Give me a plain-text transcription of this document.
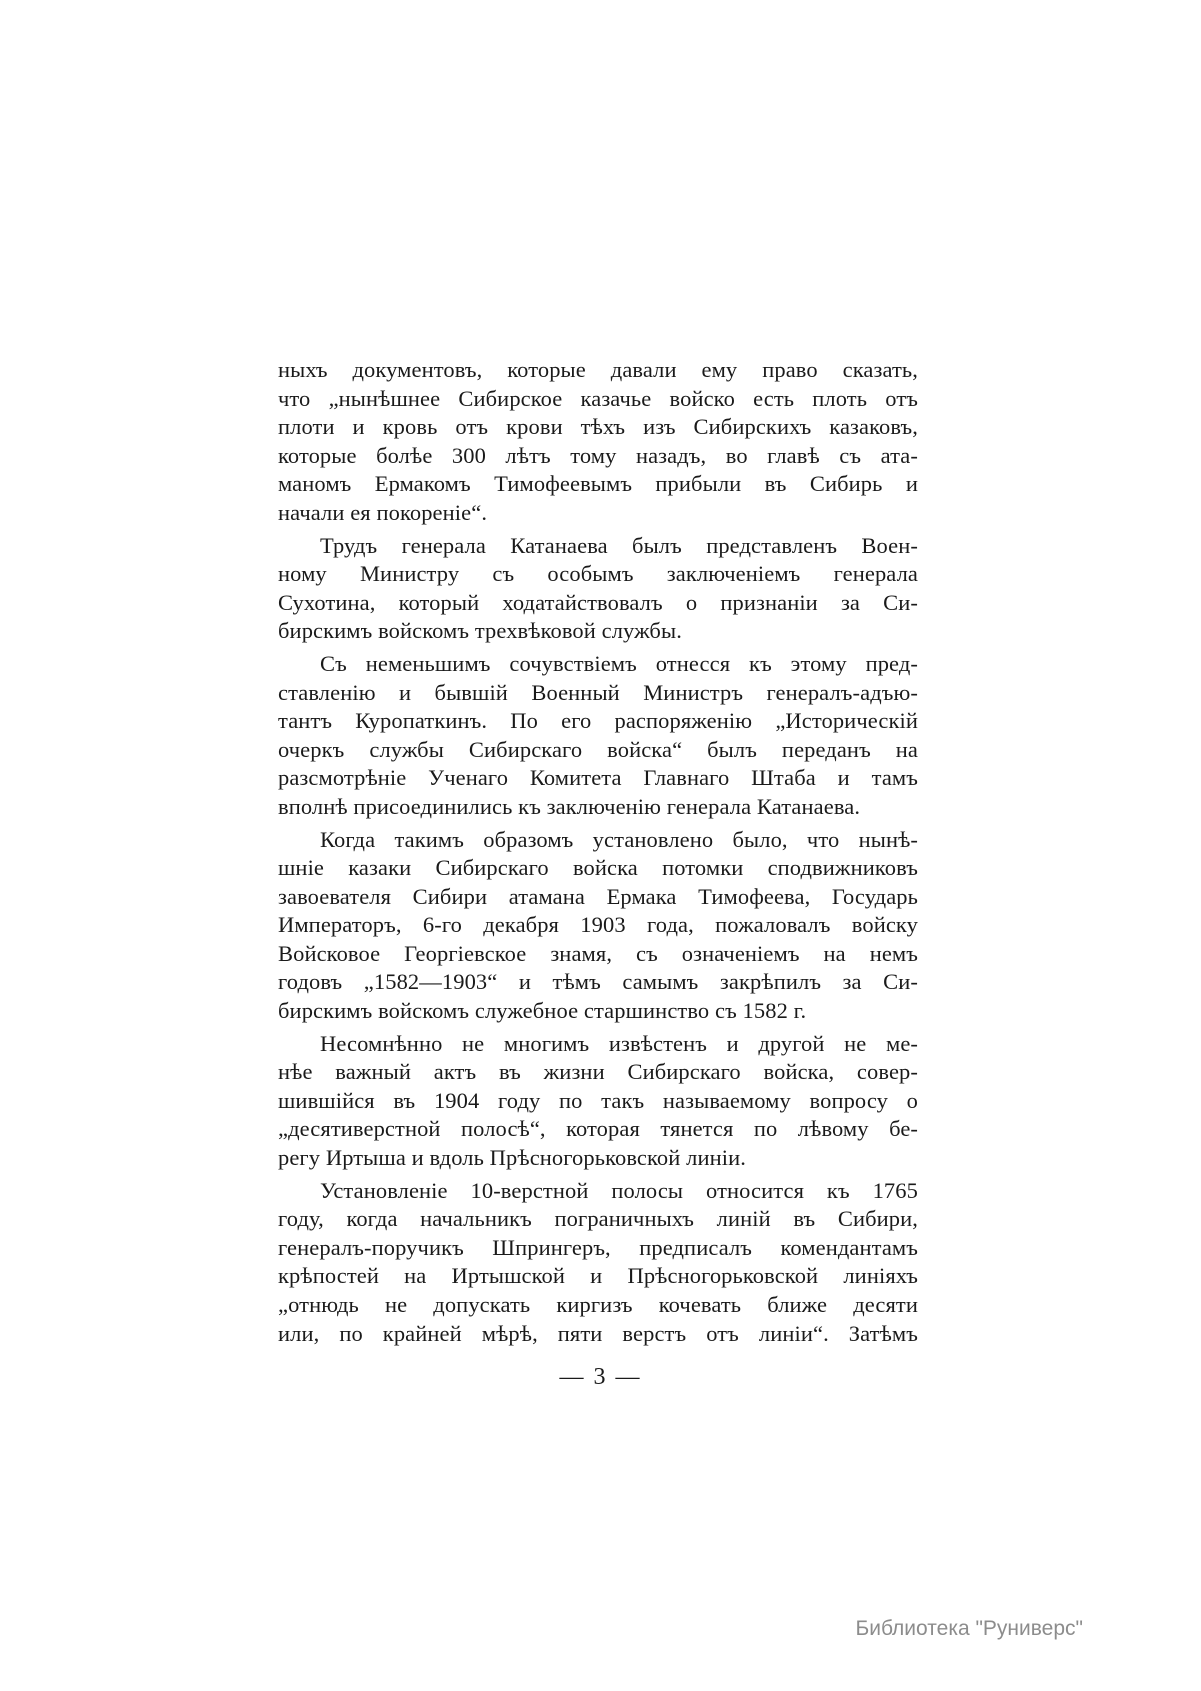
ныхъ документовъ, которые давали ему право сказать,
что „нынѣшнее Сибирское казачье войско есть плоть отъ
плоти и кровь отъ крови тѣхъ изъ Сибирскихъ казаковъ,
которые болѣе 300 лѣтъ тому назадъ, во главѣ съ ата-
маномъ Ермакомъ Тимофеевымъ прибыли въ Сибирь и
начали ея покореніе“.
Трудъ генерала Катанаева былъ представленъ Воен-
ному Министру съ особымъ заключеніемъ генерала
Сухотина, который ходатайствовалъ о признаніи за Си-
бирскимъ войскомъ трехвѣковой службы.
Съ неменьшимъ сочувствіемъ отнесся къ этому пред-
ставленію и бывшій Военный Министръ генералъ-адъю-
тантъ Куропаткинъ. По его распоряженію „Историческій
очеркъ службы Сибирскаго войска“ былъ переданъ на
разсмотрѣніе Ученаго Комитета Главнаго Штаба и тамъ
вполнѣ присоединились къ заключенію генерала Катанаева.
Когда такимъ образомъ установлено было, что нынѣ-
шніе казаки Сибирскаго войска потомки сподвижниковъ
завоевателя Сибири атамана Ермака Тимофеева, Государь
Императоръ, 6-го декабря 1903 года, пожаловалъ войску
Войсковое Георгіевское знамя, съ означеніемъ на немъ
годовъ „1582—1903“ и тѣмъ самымъ закрѣпилъ за Си-
бирскимъ войскомъ служебное старшинство съ 1582 г.
Несомнѣнно не многимъ извѣстенъ и другой не ме-
нѣе важный актъ въ жизни Сибирскаго войска, совер-
шившійся въ 1904 году по такъ называемому вопросу о
„десятиверстной полосѣ“, которая тянется по лѣвому бе-
регу Иртыша и вдоль Прѣсногорьковской линіи.
Установленіе 10-верстной полосы относится къ 1765
году, когда начальникъ пограничныхъ линій въ Сибири,
генералъ-поручикъ Шпрингеръ, предписалъ комендантамъ
крѣпостей на Иртышской и Прѣсногорьковской линіяхъ
„отнюдь не допускать киргизъ кочевать ближе десяти
или, по крайней мѣрѣ, пяти верстъ отъ линіи“. Затѣмъ
— 3 —
Библиотека "Руниверс"
